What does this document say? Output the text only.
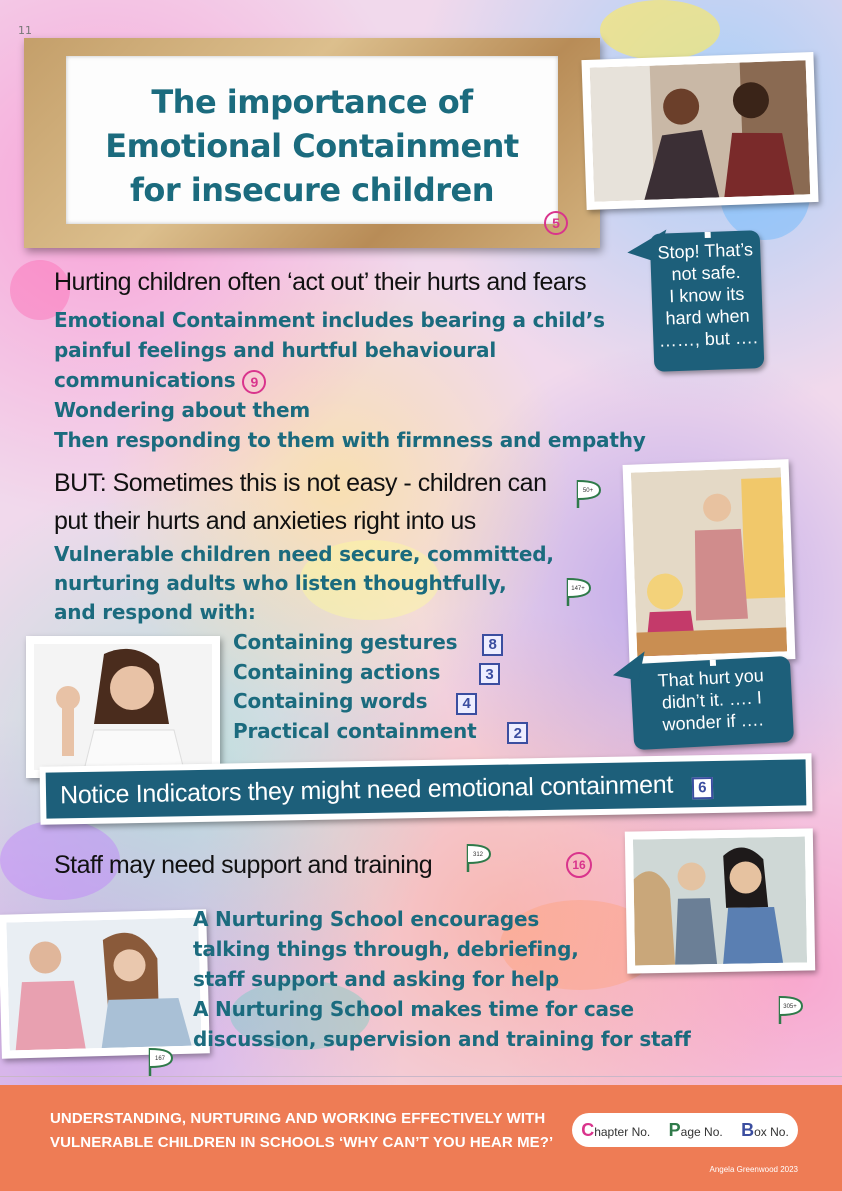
11
The importance of
Emotional Containment
for insecure children
5
Stop! That’s
not safe.
I know its
hard when
……, but ….
Hurting children often ‘act out’ their hurts and fears
Emotional Containment includes bearing a child’s
painful feelings and hurtful behavioural
communications 9
Wondering about them
Then responding to them with firmness and empathy
BUT: Sometimes this is not easy - children can
put their hurts and anxieties right into us
50+
Vulnerable children need secure, committed,
nurturing adults who listen thoughtfully,
and respond with:
147+
Containing gestures 8
Containing actions	3
Containing words 4
Practical containment 2
That hurt you
didn’t it. …. I
wonder if ….
Notice Indicators they might need emotional containment 6
Staff may need support and training	312
16
A Nurturing School encourages
talking things through, debriefing,
staff support and asking for help
A Nurturing School makes time for case
discussion, supervision and training for staff
305+
167
UNDERSTANDING, NURTURING AND WORKING EFFECTIVELY WITH
VULNERABLE CHILDREN IN SCHOOLS ‘WHY CAN’T YOU HEAR ME?’
Chapter No. Page No. Box No.
Angela Greenwood 2023
